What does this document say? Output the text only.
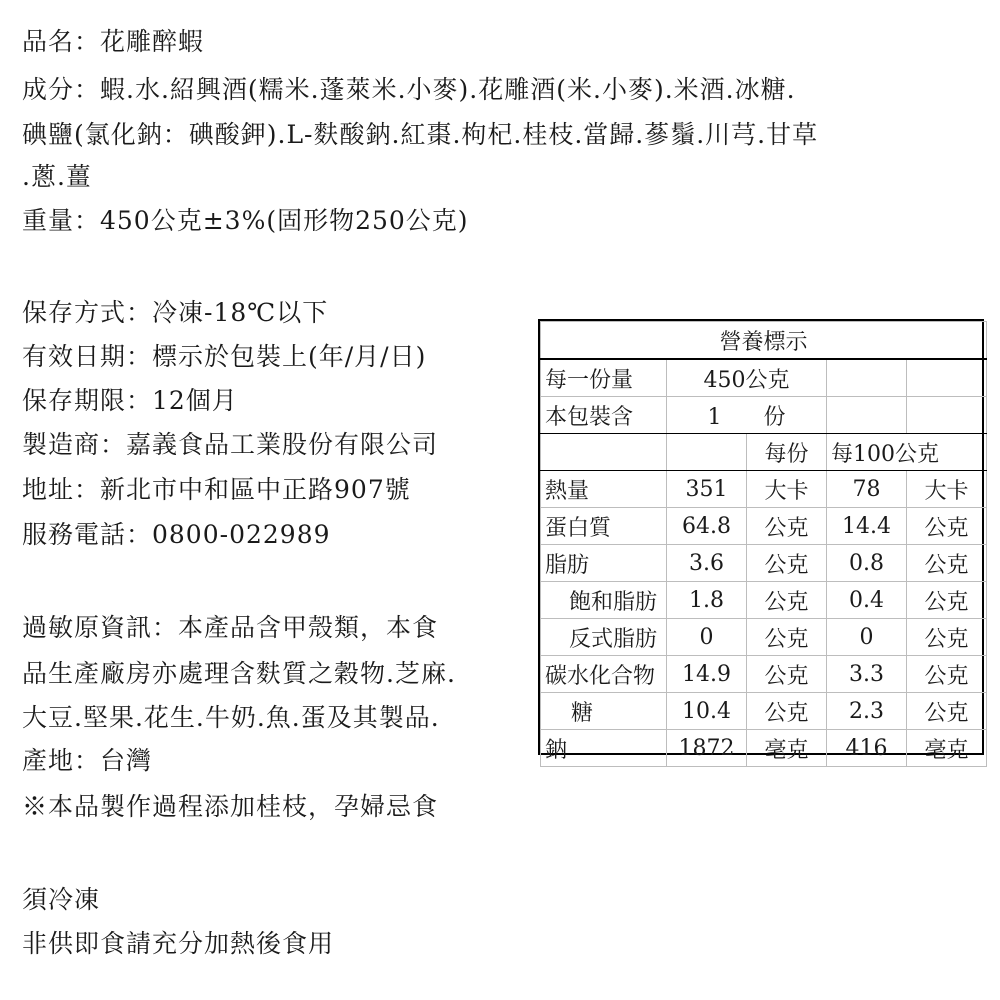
品名：花雕醉蝦
成分：蝦.水.紹興酒(糯米.蓬萊米.小麥).花雕酒(米.小麥).米酒.冰糖.
碘鹽(氯化鈉：碘酸鉀).L-麩酸鈉.紅棗.枸杞.桂枝.當歸.蔘鬚.川芎.甘草
.蔥.薑
重量：450公克±3%(固形物250公克)
保存方式：冷凍-18℃以下
有效日期：標示於包裝上(年/月/日)
保存期限：12個月
製造商：嘉義食品工業股份有限公司
地址：新北市中和區中正路907號
服務電話：0800-022989
過敏原資訊：本產品含甲殼類，本食
品生產廠房亦處理含麩質之穀物.芝麻.
大豆.堅果.花生.牛奶.魚.蛋及其製品.
產地：台灣
※本品製作過程添加桂枝，孕婦忌食
須冷凍
非供即食請充分加熱後食用
營養標示				
每一份量	450公克			
本包裝含	1 份			
		每份	每100公克	
熱量	351	大卡	78	大卡
蛋白質	64.8	公克	14.4	公克
脂肪	3.6	公克	0.8	公克
飽和脂肪	1.8	公克	0.4	公克
反式脂肪	0	公克	0	公克
碳水化合物	14.9	公克	3.3	公克
糖	10.4	公克	2.3	公克
鈉	1872	毫克	416	毫克
